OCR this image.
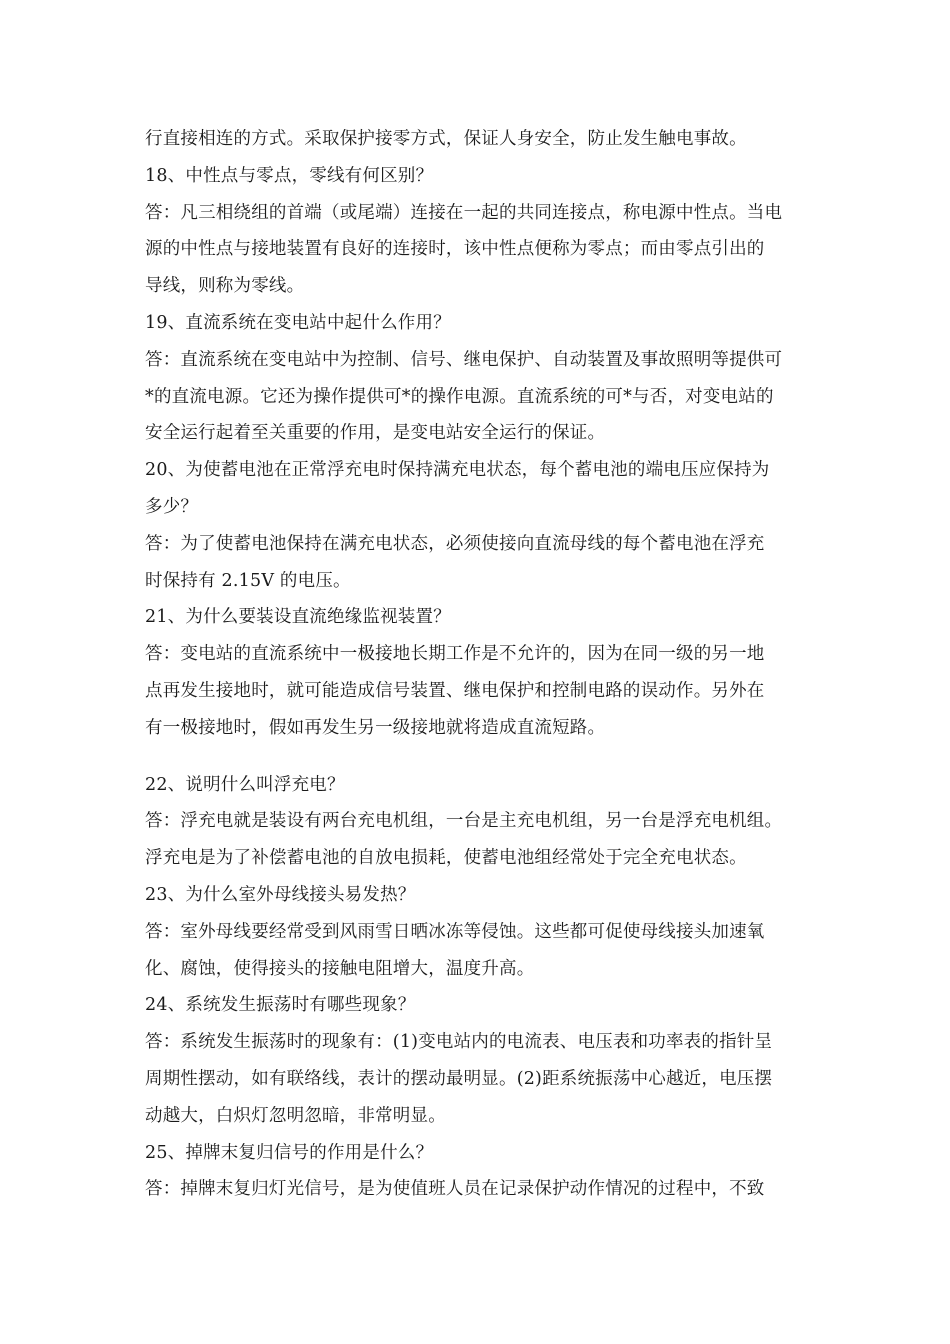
行直接相连的方式。采取保护接零方式，保证人身安全，防止发生触电事故。
18、中性点与零点，零线有何区别？
答：凡三相绕组的首端（或尾端）连接在一起的共同连接点，称电源中性点。当电
源的中性点与接地装置有良好的连接时，该中性点便称为零点；而由零点引出的
导线，则称为零线。
19、直流系统在变电站中起什么作用？
答：直流系统在变电站中为控制、信号、继电保护、自动装置及事故照明等提供可
*的直流电源。它还为操作提供可*的操作电源。直流系统的可*与否，对变电站的
安全运行起着至关重要的作用，是变电站安全运行的保证。
20、为使蓄电池在正常浮充电时保持满充电状态，每个蓄电池的端电压应保持为
多少？
答：为了使蓄电池保持在满充电状态，必须使接向直流母线的每个蓄电池在浮充
时保持有 2.15V 的电压。
21、为什么要装设直流绝缘监视装置？
答：变电站的直流系统中一极接地长期工作是不允许的，因为在同一级的另一地
点再发生接地时，就可能造成信号装置、继电保护和控制电路的误动作。另外在
有一极接地时，假如再发生另一级接地就将造成直流短路。
22、说明什么叫浮充电？
答：浮充电就是装设有两台充电机组，一台是主充电机组，另一台是浮充电机组。
浮充电是为了补偿蓄电池的自放电损耗，使蓄电池组经常处于完全充电状态。
23、为什么室外母线接头易发热？
答：室外母线要经常受到风雨雪日晒冰冻等侵蚀。这些都可促使母线接头加速氧
化、腐蚀，使得接头的接触电阻增大，温度升高。
24、系统发生振荡时有哪些现象？
答：系统发生振荡时的现象有：(1)变电站内的电流表、电压表和功率表的指针呈
周期性摆动，如有联络线，表计的摆动最明显。(2)距系统振荡中心越近，电压摆
动越大，白炽灯忽明忽暗，非常明显。
25、掉牌末复归信号的作用是什么？
答：掉牌末复归灯光信号，是为使值班人员在记录保护动作情况的过程中，不致
